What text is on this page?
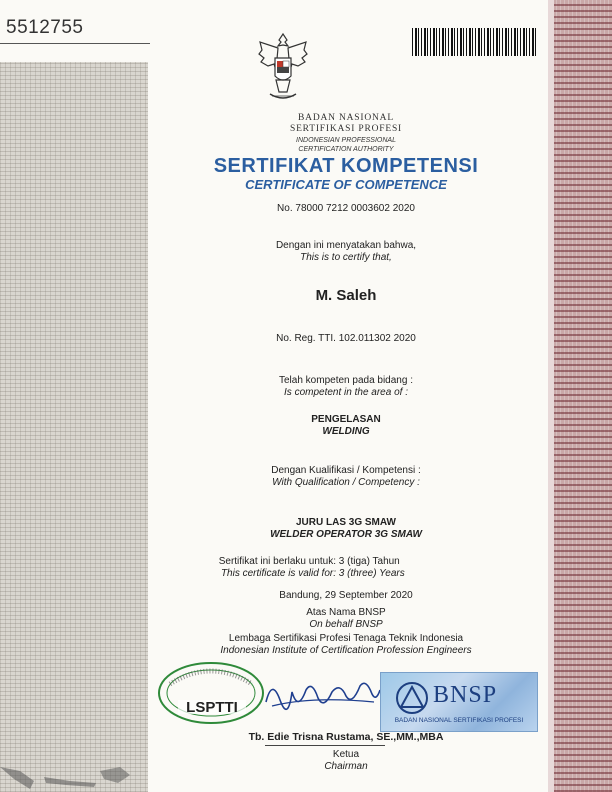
5512755
BADAN NASIONAL
SERTIFIKASI PROFESI
INDONESIAN PROFESSIONAL
CERTIFICATION AUTHORITY
SERTIFIKAT KOMPETENSI
CERTIFICATE OF COMPETENCE
No. 78000 7212 0003602 2020
Dengan ini menyatakan bahwa,
This is to certify that,
M. Saleh
No. Reg. TTI. 102.011302 2020
Telah kompeten pada bidang :
Is competent in the area of :
PENGELASAN
WELDING
Dengan Kualifikasi / Kompetensi :
With Qualification / Competency :
JURU LAS 3G SMAW
WELDER OPERATOR 3G SMAW
Sertifikat ini berlaku untuk: 3 (tiga) Tahun
This certificate is valid for: 3 (three) Years
Bandung, 29 September 2020
Atas Nama BNSP
On behalf BNSP
Lembaga Sertifikasi Profesi Tenaga Teknik Indonesia
Indonesian Institute of Certification Profession Engineers
LSPTTI	BNSP
BADAN NASIONAL SERTIFIKASI PROFESI
Tb. Edie Trisna Rustama, SE.,MM.,MBA
Ketua
Chairman
